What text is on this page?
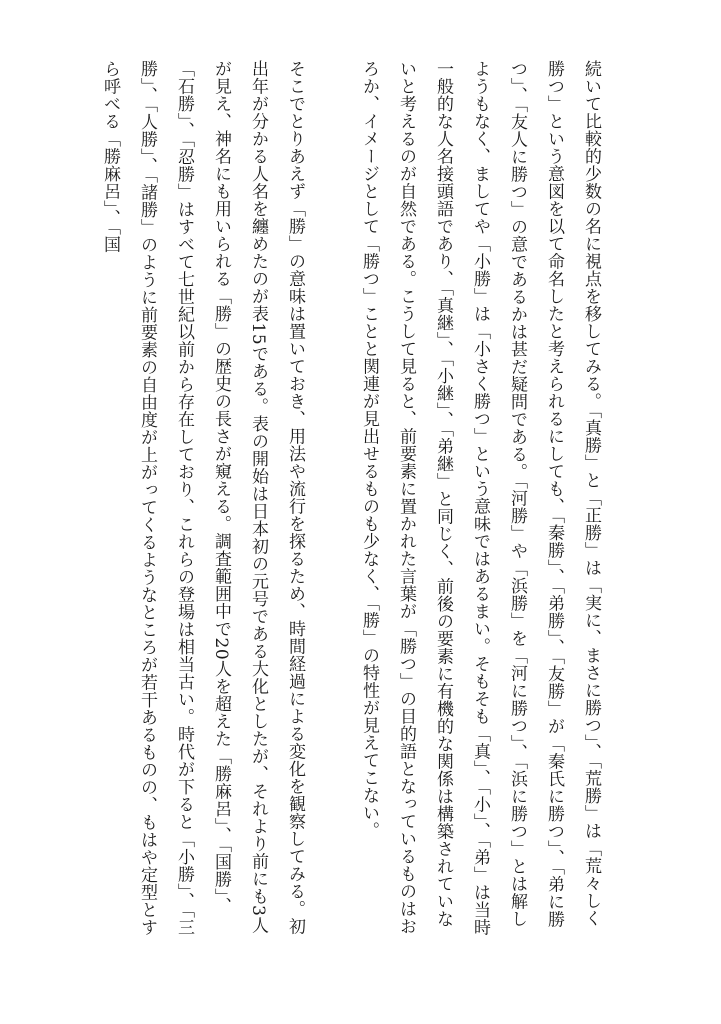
続いて比較的少数の名に視点を移してみる。「真勝」と「正勝」は「実に、まさに勝つ」、「荒勝」は「荒々しく勝つ」という意図を以て命名したと考えられるにしても、「秦勝」、「弟勝」、「友勝」が「秦氏に勝つ」、「弟に勝つ」、「友人に勝つ」の意であるかは甚だ疑問である。「河勝」や「浜勝」を「河に勝つ」、「浜に勝つ」とは解しようもなく、ましてや「小勝」は「小さく勝つ」という意味ではあるまい。そもそも「真」、「小」、「弟」は当時一般的な人名接頭語であり、「真継」、「小継」、「弟継」と同じく、前後の要素に有機的な関係は構築されていないと考えるのが自然である。こうして見ると、前要素に置かれた言葉が「勝つ」の目的語となっているものはおろか、イメージとして「勝つ」ことと関連が見出せるものも少なく、「勝」の特性が見えてこない。

そこでとりあえず「勝」の意味は置いておき、用法や流行を探るため、時間経過による変化を観察してみる。初出年が分かる人名を纏めたのが表15である。表の開始は日本初の元号である大化としたが、それより前にも3人が見え、神名にも用いられる「勝」の歴史の長さが窺える。調査範囲中で20人を超えた「勝麻呂」、「国勝」、「石勝」、「忍勝」はすべて七世紀以前から存在しており、これらの登場は相当古い。時代が下ると「小勝」、「三勝」、「人勝」、「諸勝」のように前要素の自由度が上がってくるようなところが若干あるものの、もはや定型とすら呼べる「勝麻呂」、「国
